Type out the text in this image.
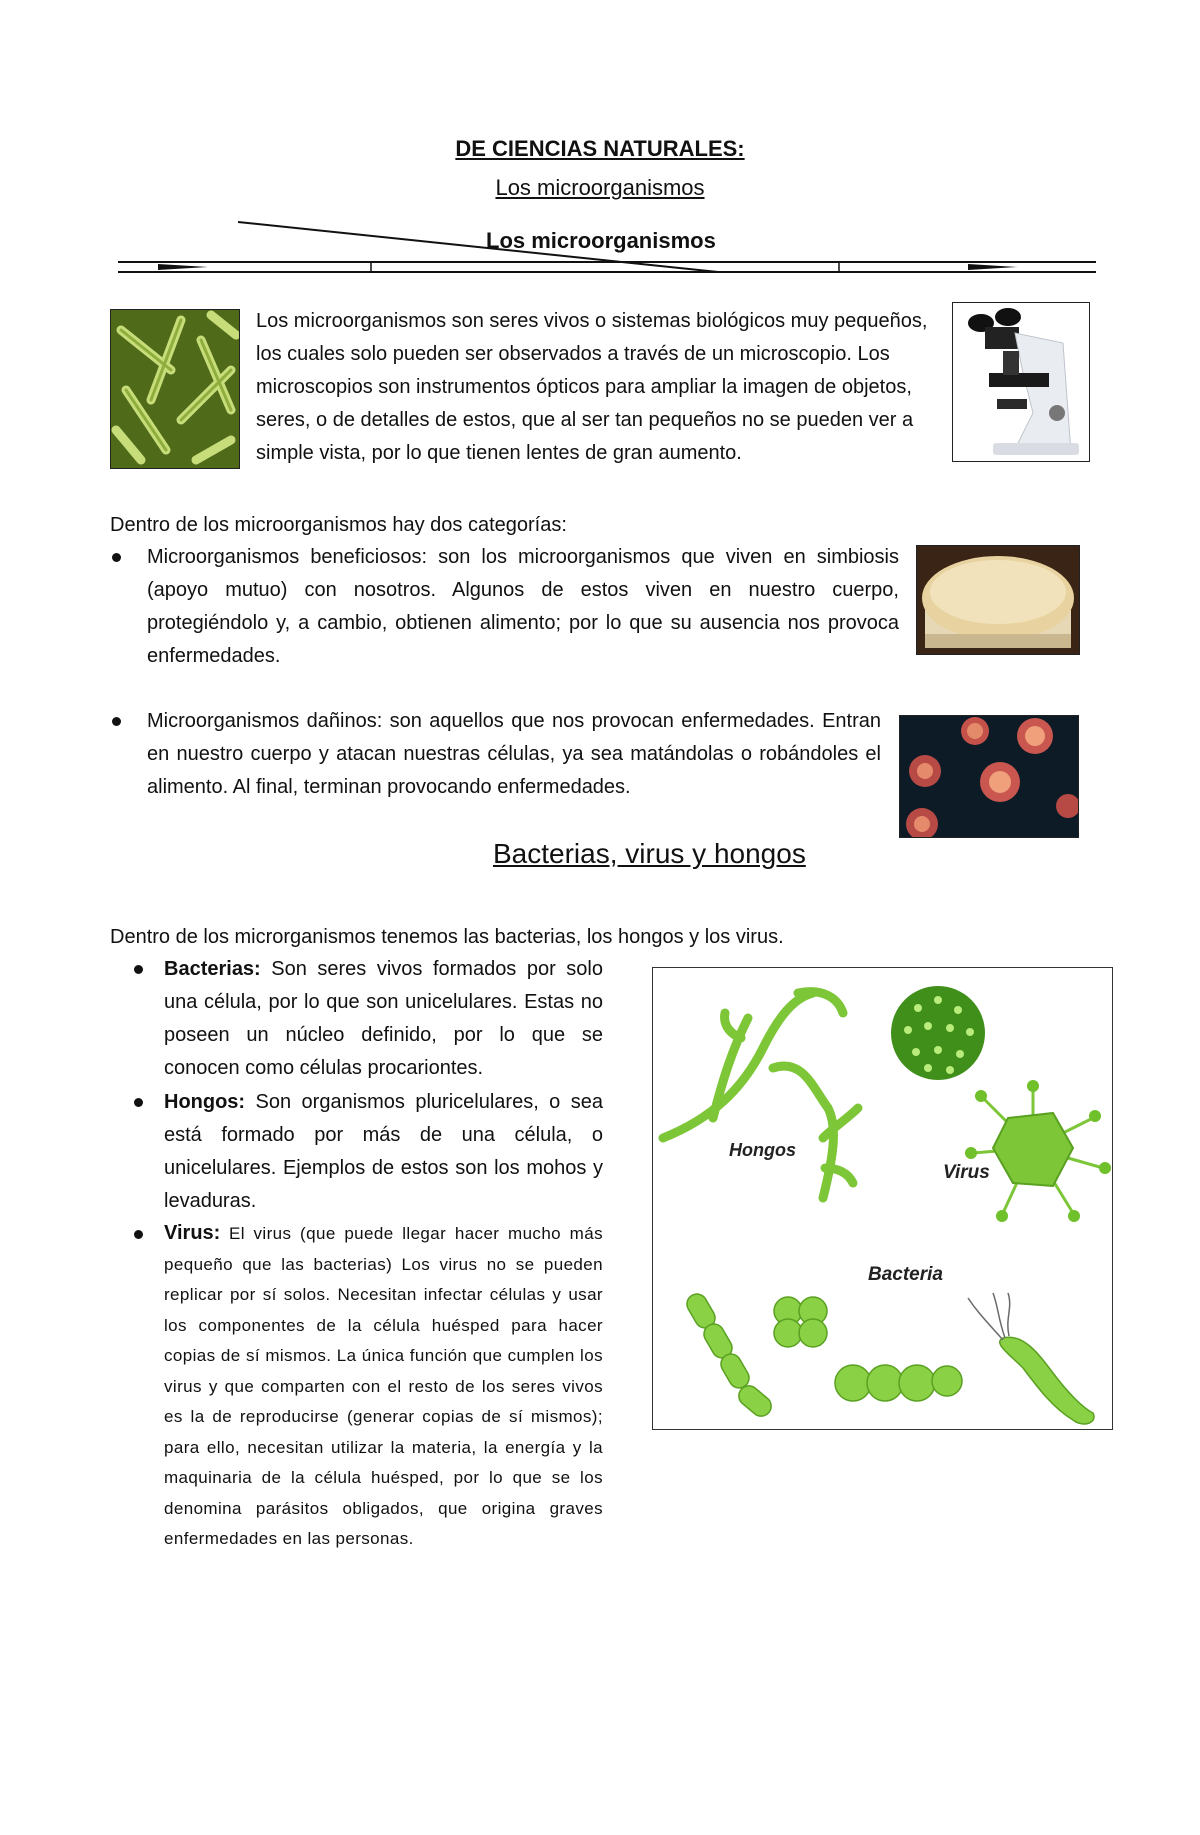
DE CIENCIAS NATURALES:
Los microorganismos
Los microorganismos
Los microorganismos son seres vivos o sistemas biológicos muy pequeños, los cuales solo pueden ser observados a través de un microscopio. Los microscopios son instrumentos ópticos para ampliar la imagen de objetos, seres, o de detalles de estos, que al ser tan pequeños no se pueden ver a simple vista, por lo que tienen lentes de gran aumento.
Dentro de los microorganismos hay dos categorías:
Microorganismos beneficiosos: son los microorganismos que viven en simbiosis (apoyo mutuo) con nosotros. Algunos de estos viven en nuestro cuerpo, protegiéndolo y, a cambio, obtienen alimento; por lo que su ausencia nos provoca enfermedades.
Microorganismos dañinos: son aquellos que nos provocan enfermedades. Entran en nuestro cuerpo y atacan nuestras células, ya sea matándolas o robándoles el alimento. Al final, terminan provocando enfermedades.
Bacterias, virus y hongos
Dentro de los microrganismos tenemos las bacterias, los hongos y los virus.
Bacterias: Son seres vivos formados por solo una célula, por lo que son unicelulares. Estas no poseen un núcleo definido, por lo que se conocen como células procariontes.
Hongos: Son organismos pluricelulares, o sea está formado por más de una célula, o unicelulares. Ejemplos de estos son los mohos y levaduras.
Virus: El virus (que puede llegar hacer mucho más pequeño que las bacterias) Los virus no se pueden replicar por sí solos. Necesitan infectar células y usar los componentes de la célula huésped para hacer copias de sí mismos. La única función que cumplen los virus y que comparten con el resto de los seres vivos es la de reproducirse (generar copias de sí mismos); para ello, necesitan utilizar la materia, la energía y la maquinaria de la célula huésped, por lo que se los denomina parásitos obligados, que origina graves enfermedades en las personas.
Hongos
Virus
Bacteria
